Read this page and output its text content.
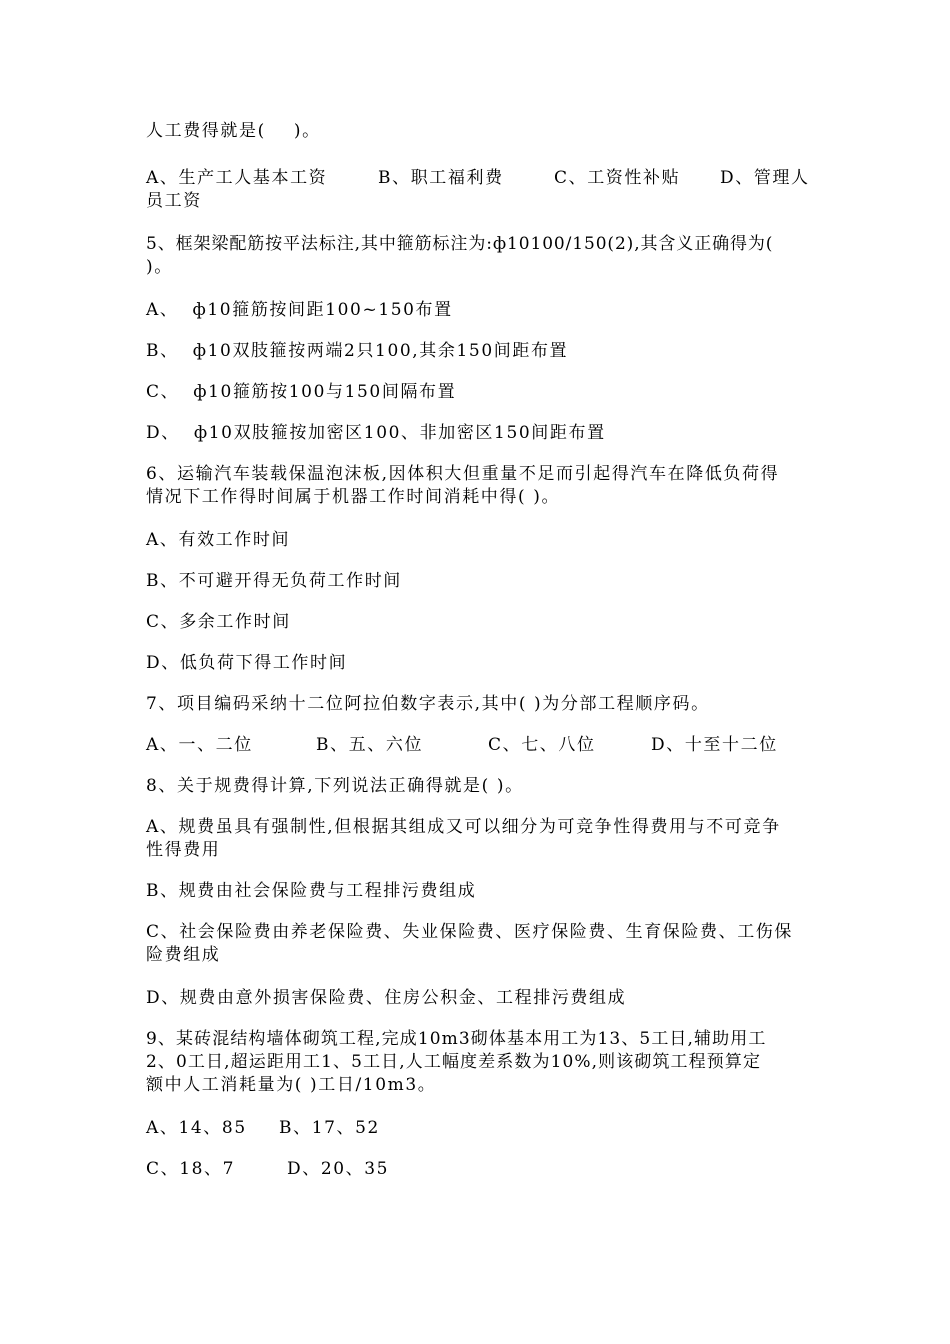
人工费得就是(    )。
A、生产工人基本工资	B、职工福利费	C、工资性补贴 D、管理人
员工资
5、框架梁配筋按平法标注,其中箍筋标注为:ф10100/150(2),其含义正确得为(
)。
A、  ф10箍筋按间距100~150布置
B、  ф10双肢箍按两端2只100,其余150间距布置
C、  ф10箍筋按100与150间隔布置
D、  ф10双肢箍按加密区100、非加密区150间距布置
6、运输汽车装载保温泡沫板,因体积大但重量不足而引起得汽车在降低负荷得
情况下工作得时间属于机器工作时间消耗中得( )。
A、有效工作时间
B、不可避开得无负荷工作时间
C、多余工作时间
D、低负荷下得工作时间
7、项目编码采纳十二位阿拉伯数字表示,其中( )为分部工程顺序码。
A、一、二位	B、五、六位	C、七、八位	D、十至十二位
8、关于规费得计算,下列说法正确得就是( )。
A、规费虽具有强制性,但根据其组成又可以细分为可竞争性得费用与不可竞争
性得费用
B、规费由社会保险费与工程排污费组成
C、社会保险费由养老保险费、失业保险费、医疗保险费、生育保险费、工伤保
险费组成
D、规费由意外损害保险费、住房公积金、工程排污费组成
9、某砖混结构墙体砌筑工程,完成10m3砌体基本用工为13、5工日,辅助用工
2、0工日,超运距用工1、5工日,人工幅度差系数为10%,则该砌筑工程预算定
额中人工消耗量为( )工日/10m3。
A、14、85 B、17、52
C、18、7	D、20、35
